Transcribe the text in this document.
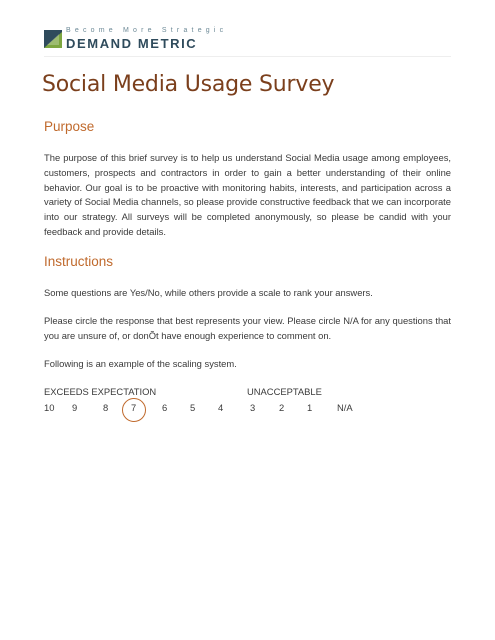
Become More Strategic
DEMAND METRIC
Social Media Usage Survey
Purpose

The purpose of this brief survey is to help us understand Social Media usage among employees, customers, prospects and contractors in order to gain a better understanding of their online behavior. Our goal is to be proactive with monitoring habits, interests, and participation across a variety of Social Media channels, so please provide constructive feedback that we can incorporate into our strategy. All surveys will be completed anonymously, so please be candid with your feedback and provide details.

Instructions

Some questions are Yes/No, while others provide a scale to rank your answers.

Please circle the response that best represents your view. Please circle N/A for any questions that you are unsure of, or donÕt have enough experience to comment on.

Following is an example of the scaling system.

EXCEEDS EXPECTATION	UNACCEPTABLE
10 9	8 7	6 5 4	3	2 1	N/A
